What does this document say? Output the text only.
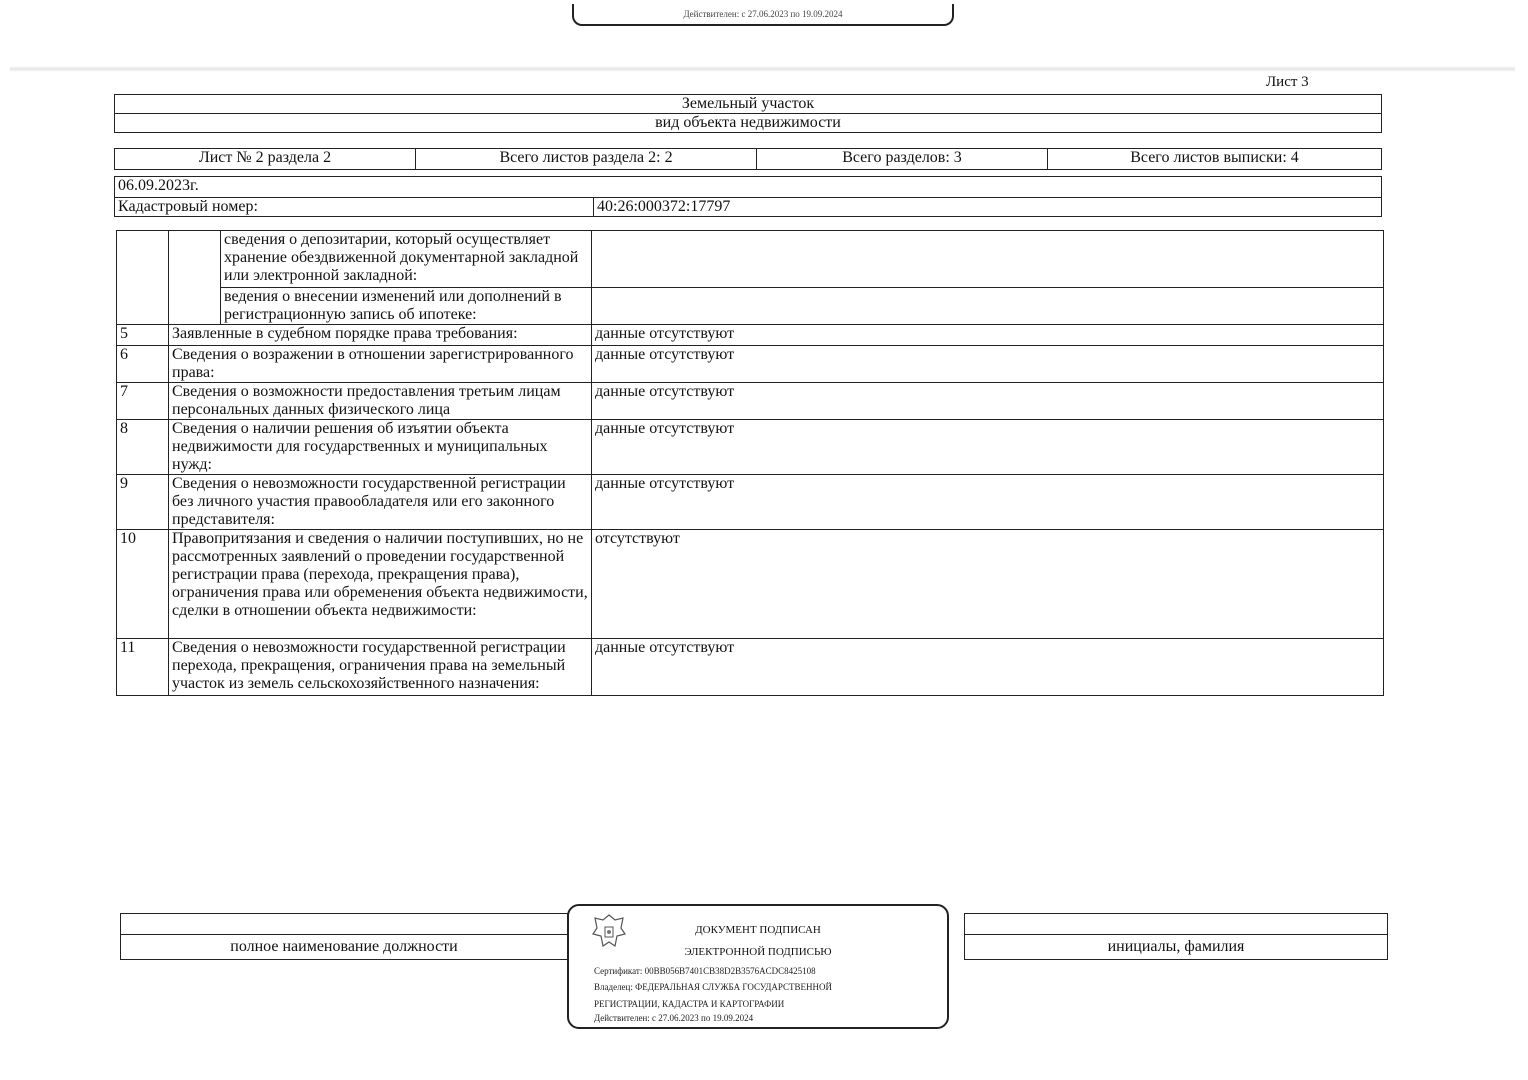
Действителен: с 27.06.2023 по 19.09.2024
Лист 3
Земельный участок
вид объекта недвижимости
Лист № 2 раздела 2	Всего листов раздела 2: 2	Всего разделов: 3	Всего листов выписки: 4
06.09.2023г.
Кадастровый номер:	40:26:000372:17797
		сведения о депозитарии, который осуществляет хранение обездвиженной документарной закладной или электронной закладной:	
		ведения о внесении изменений или дополнений в регистрационную запись об ипотеке:	
5	Заявленные в судебном порядке права требования:		данные отсутствуют
6	Сведения о возражении в отношении зарегистрированного права:		данные отсутствуют
7	Сведения о возможности предоставления третьим лицам персональных данных физического лица		данные отсутствуют
8	Сведения о наличии решения об изъятии объекта недвижимости для государственных и муниципальных нужд:		данные отсутствуют
9	Сведения о невозможности государственной регистрации без личного участия правообладателя или его законного представителя:		данные отсутствуют
10	Правопритязания и сведения о наличии поступивших, но не рассмотренных заявлений о проведении государственной регистрации права (перехода, прекращения права), ограничения права или обременения объекта недвижимости, сделки в отношении объекта недвижимости:		отсутствуют
11	Сведения о невозможности государственной регистрации перехода, прекращения, ограничения права на земельный участок из земель сельскохозяйственного назначения:		данные отсутствуют

полное наименование должности		инициалы, фамилия
ДОКУМЕНТ ПОДПИСАН
ЭЛЕКТРОННОЙ ПОДПИСЬЮ
Сертификат: 00BB056B7401CB38D2B3576ACDC8425108
Владелец: ФЕДЕРАЛЬНАЯ СЛУЖБА ГОСУДАРСТВЕННОЙ
РЕГИСТРАЦИИ, КАДАСТРА И КАРТОГРАФИИ
Действителен: с 27.06.2023 по 19.09.2024
